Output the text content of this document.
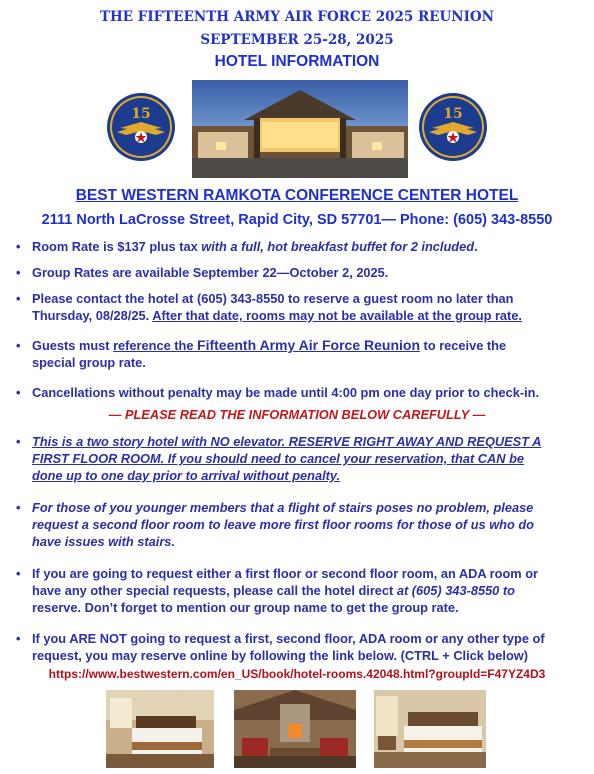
THE FIFTEENTH ARMY AIR FORCE 2025 REUNION
SEPTEMBER 25-28, 2025
HOTEL INFORMATION
15	15
BEST WESTERN RAMKOTA CONFERENCE CENTER HOTEL
2111 North LaCrosse Street, Rapid City, SD 57701— Phone: (605) 343-8550
• Room Rate is $137 plus tax with a full, hot breakfast buffet for 2 included.
• Group Rates are available September 22—October 2, 2025.
• Please contact the hotel at (605) 343-8550 to reserve a guest room no later than
Thursday, 08/28/25. After that date, rooms may not be available at the group rate.
• Guests must reference the Fifteenth Army Air Force Reunion to receive the
special group rate.
• Cancellations without penalty may be made until 4:00 pm one day prior to check-in.
— PLEASE READ THE INFORMATION BELOW CAREFULLY —
• This is a two story hotel with NO elevator. RESERVE RIGHT AWAY AND REQUEST A
FIRST FLOOR ROOM. If you should need to cancel your reservation, that CAN be
done up to one day prior to arrival without penalty.
• For those of you younger members that a flight of stairs poses no problem, please
request a second floor room to leave more first floor rooms for those of us who do
have issues with stairs.
• If you are going to request either a first floor or second floor room, an ADA room or
have any other special requests, please call the hotel direct at (605) 343-8550 to
reserve. Don’t forget to mention our group name to get the group rate.
• If you ARE NOT going to request a first, second floor, ADA room or any other type of
request, you may reserve online by following the link below. (CTRL + Click below)
https://www.bestwestern.com/en_US/book/hotel-rooms.42048.html?groupId=F47YZ4D3
